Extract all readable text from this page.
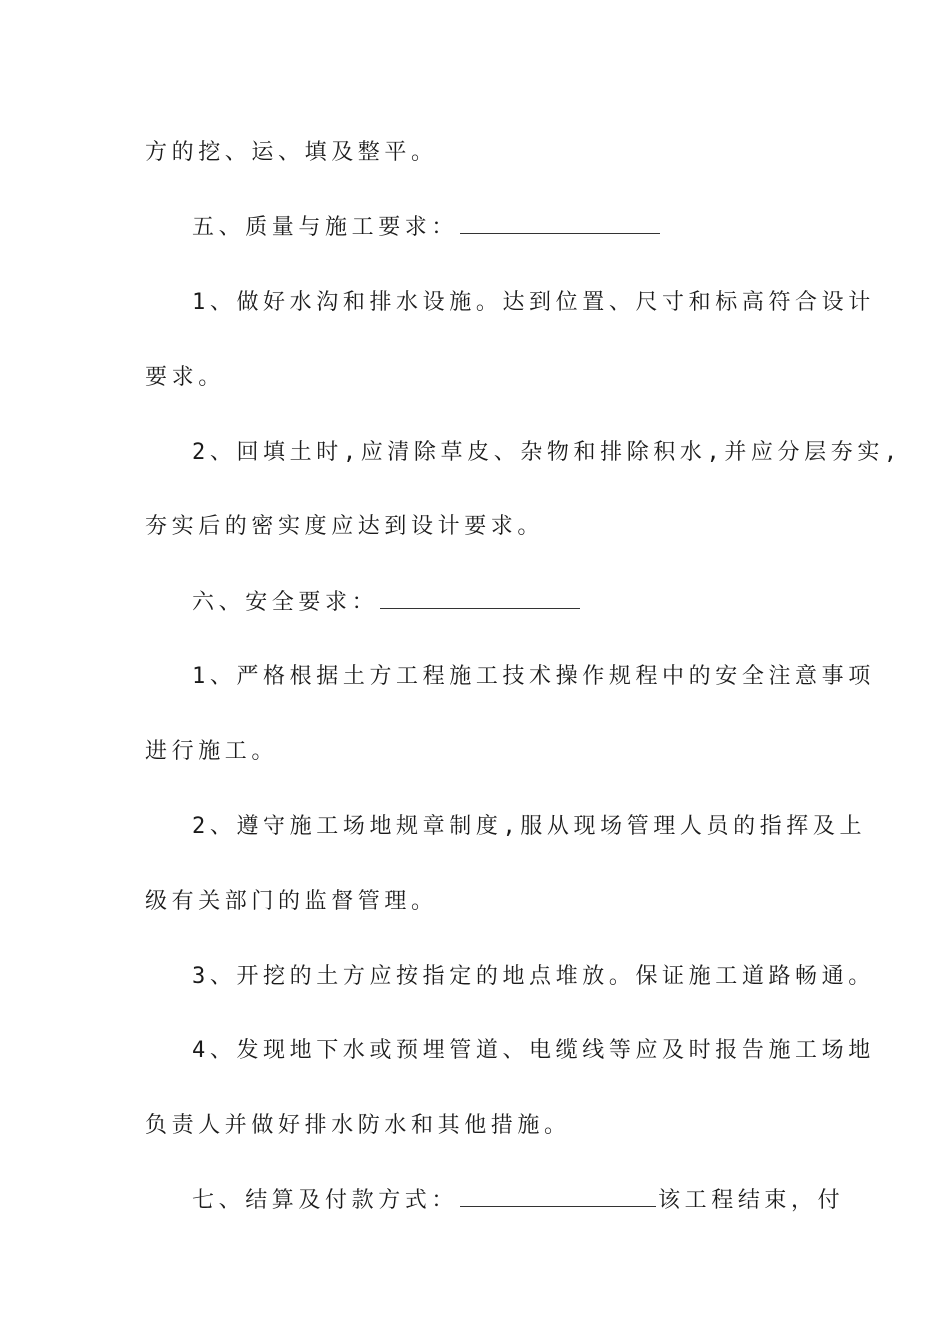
方的挖、运、填及整平。
五、质量与施工要求：
1、做好水沟和排水设施。达到位置、尺寸和标高符合设计
要求。
2、回填土时,应清除草皮、杂物和排除积水,并应分层夯实,
夯实后的密实度应达到设计要求。
六、安全要求：
1、严格根据土方工程施工技术操作规程中的安全注意事项
进行施工。
2、遵守施工场地规章制度,服从现场管理人员的指挥及上
级有关部门的监督管理。
3、开挖的土方应按指定的地点堆放。保证施工道路畅通。
4、发现地下水或预埋管道、电缆线等应及时报告施工场地
负责人并做好排水防水和其他措施。
七、结算及付款方式：	该工程结束，付
